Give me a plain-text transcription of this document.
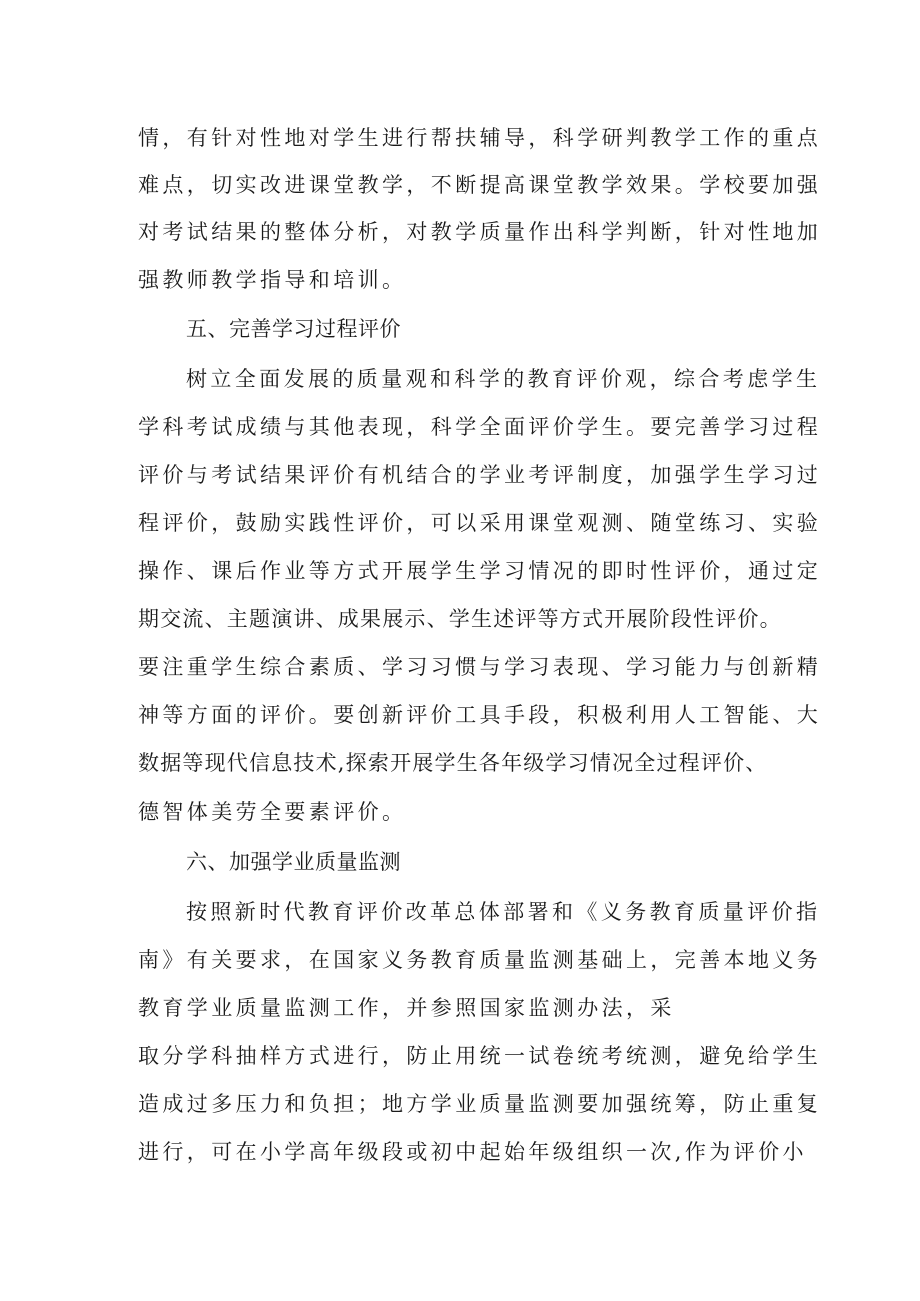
情，有针对性地对学生进行帮扶辅导，科学研判教学工作的重点
难点，切实改进课堂教学，不断提高课堂教学效果。学校要加强
对考试结果的整体分析，对教学质量作出科学判断，针对性地加
强教师教学指导和培训。
五、完善学习过程评价
树立全面发展的质量观和科学的教育评价观，综合考虑学生
学科考试成绩与其他表现，科学全面评价学生。要完善学习过程
评价与考试结果评价有机结合的学业考评制度，加强学生学习过
程评价，鼓励实践性评价，可以采用课堂观测、随堂练习、实验
操作、课后作业等方式开展学生学习情况的即时性评价，通过定
期交流、主题演讲、成果展示、学生述评等方式开展阶段性评价。
要注重学生综合素质、学习习惯与学习表现、学习能力与创新精
神等方面的评价。要创新评价工具手段，积极利用人工智能、大
数据等现代信息技术,探索开展学生各年级学习情况全过程评价、
德智体美劳全要素评价。
六、加强学业质量监测
按照新时代教育评价改革总体部署和《义务教育质量评价指
南》有关要求，在国家义务教育质量监测基础上，完善本地义务
教育学业质量监测工作，并参照国家监测办法，采
取分学科抽样方式进行，防止用统一试卷统考统测，避免给学生
造成过多压力和负担；地方学业质量监测要加强统筹，防止重复
进行，可在小学高年级段或初中起始年级组织一次,作为评价小
